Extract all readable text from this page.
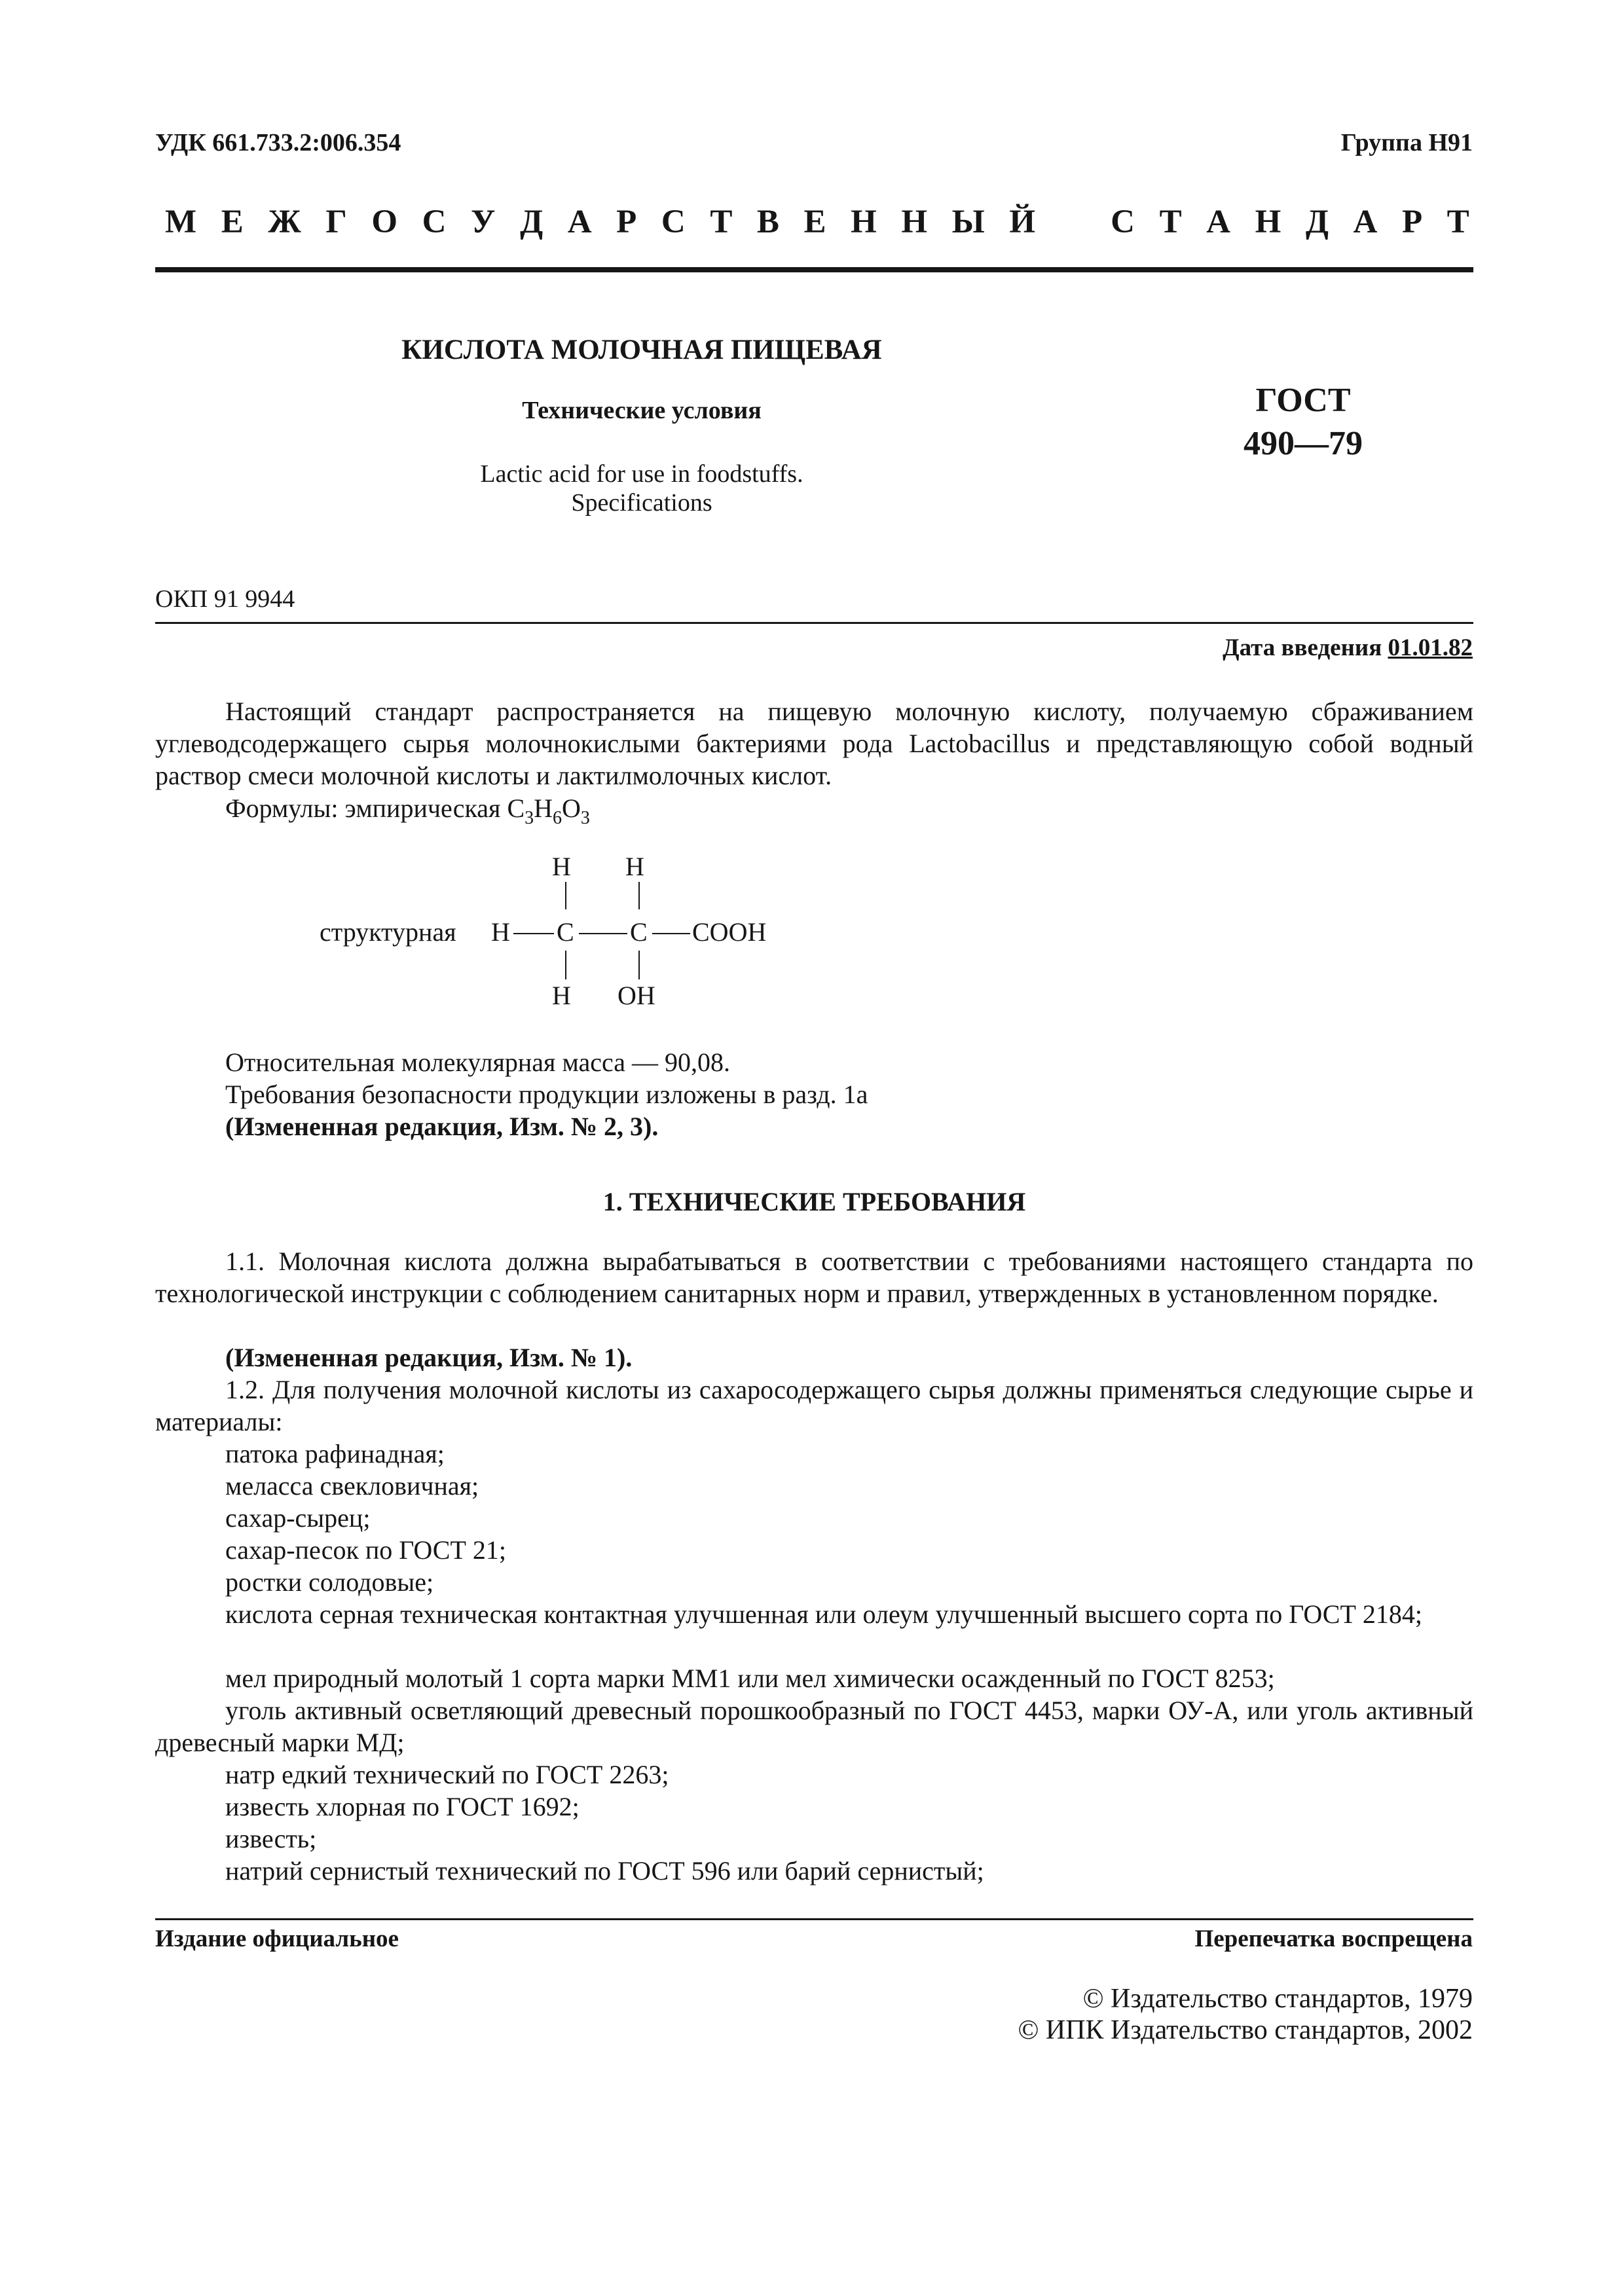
УДК 661.733.2:006.354	Группа Н91
М Е Ж Г О С У Д А Р С Т В Е Н Н Ы Й С Т А Н Д А Р Т
КИСЛОТА МОЛОЧНАЯ ПИЩЕВАЯ
Технические условия
Lactic acid for use in foodstuffs.
Specifications
ГОСТ
490—79
ОКП 91 9944
Дата введения 01.01.82
Настоящий стандарт распространяется на пищевую молочную кислоту, получаемую сбраживанием углеводсодержащего сырья молочнокислыми бактериями рода Lactobacillus и представляющую собой водный раствор смеси молочной кислоты и лактилмолочных кислот.
Формулы: эмпирическая $C_3H_6O_3$
H H
структурная H C C COOH
H OH
Относительная молекулярная масса — 90,08.
Требования безопасности продукции изложены в разд. 1а
(Измененная редакция, Изм. № 2, 3).
1. ТЕХНИЧЕСКИЕ ТРЕБОВАНИЯ
1.1. Молочная кислота должна вырабатываться в соответствии с требованиями настоящего стандарта по технологической инструкции с соблюдением санитарных норм и правил, утвержденных в установленном порядке.
(Измененная редакция, Изм. № 1).
1.2. Для получения молочной кислоты из сахаросодержащего сырья должны применяться следующие сырье и материалы:
патока рафинадная;
меласса свекловичная;
сахар-сырец;
сахар-песок по ГОСТ 21;
ростки солодовые;
кислота серная техническая контактная улучшенная или олеум улучшенный высшего сорта по ГОСТ 2184;
мел природный молотый 1 сорта марки ММ1 или мел химически осажденный по ГОСТ 8253;
уголь активный осветляющий древесный порошкообразный по ГОСТ 4453, марки ОУ-А, или уголь активный древесный марки МД;
натр едкий технический по ГОСТ 2263;
известь хлорная по ГОСТ 1692;
известь;
натрий сернистый технический по ГОСТ 596 или барий сернистый;
Издание официальное	Перепечатка воспрещена
© Издательство стандартов, 1979
© ИПК Издательство стандартов, 2002
